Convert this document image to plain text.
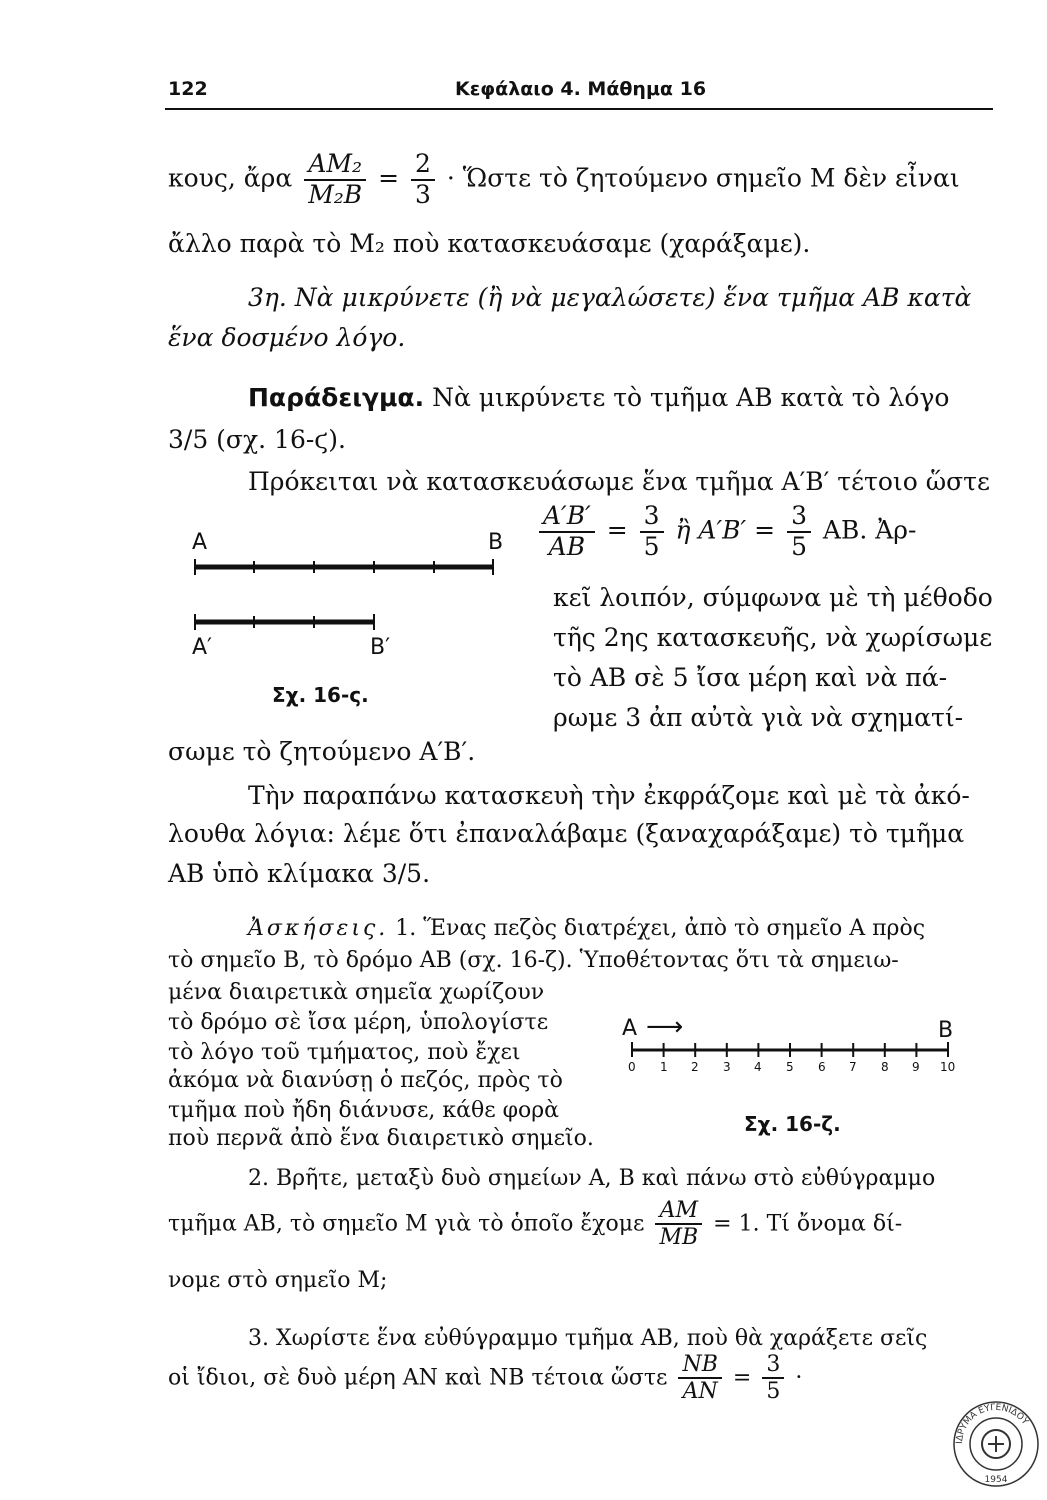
122	Κεφάλαιο 4. Μάθημα 16
κους, ἄρα $\frac{\text{AM₂}}{\text{M₂B}} = \frac{2}{3}$ · Ὥστε τὸ ζητούμενο σημεῖο M δὲν εἶναι
ἄλλο παρὰ τὸ M₂ ποὺ κατασκευάσαμε (χαράξαμε).
3η. Νὰ μικρύνετε (ἢ νὰ μεγαλώσετε) ἕνα τμῆμα AB κατὰ
ἕνα δοσμένο λόγο.
Παράδειγμα. Νὰ μικρύνετε τὸ τμῆμα AB κατὰ τὸ λόγο
3/5 (σχ. 16-ϛ).
Πρόκειται νὰ κατασκευάσωμε ἕνα τμῆμα A′B′ τέτοιο ὥστε
$\frac{A'B'}{AB} = \frac{3}{5}$ ἢ $A'B' = \frac{3}{5}$ AB. Ἀρ-
κεῖ λοιπόν, σύμφωνα μὲ τὴ μέθοδο
τῆς 2ης κατασκευῆς, νὰ χωρίσωμε
τὸ AB σὲ 5 ἴσα μέρη καὶ νὰ πά-
ρωμε 3 ἀπ αὐτὰ γιὰ νὰ σχηματί-
A	B
A′	B′
Σχ. 16-ς.
σωμε τὸ ζητούμενο A′B′.
Τὴν παραπάνω κατασκευὴ τὴν ἐκφράζομε καὶ μὲ τὰ ἀκό-
λουθα λόγια: λέμε ὅτι ἐπαναλάβαμε (ξαναχαράξαμε) τὸ τμῆμα
AB ὑπὸ κλίμακα 3/5.
Ἀσκήσεις. 1. Ἕνας πεζὸς διατρέχει, ἀπὸ τὸ σημεῖο A πρὸς
τὸ σημεῖο B, τὸ δρόμο AB (σχ. 16-ζ). Ὑποθέτοντας ὅτι τὰ σημειω-
μένα διαιρετικὰ σημεῖα χωρίζουν
τὸ δρόμο σὲ ἴσα μέρη, ὑπολογίστε
τὸ λόγο τοῦ τμήματος, ποὺ ἔχει
ἀκόμα νὰ διανύσῃ ὁ πεζός, πρὸς τὸ
τμῆμα ποὺ ἤδη διάνυσε, κάθε φορὰ
ποὺ περνᾶ ἀπὸ ἕνα διαιρετικὸ σημεῖο.
A ⟶	B
0 1 2 3 4 5 6 7 8 9 10
Σχ. 16-ζ.
2. Βρῆτε, μεταξὺ δυὸ σημείων A, B καὶ πάνω στὸ εὐθύγραμμο
τμῆμα AB, τὸ σημεῖο M γιὰ τὸ ὁποῖο ἔχομε $\frac{AM}{MB} = 1$. Τί ὄνομα δί-
νομε στὸ σημεῖο M;
3. Χωρίστε ἕνα εὐθύγραμμο τμῆμα AB, ποὺ θὰ χαράξετε σεῖς
οἱ ἴδιοι, σὲ δυὸ μέρη AN καὶ NB τέτοια ὥστε $\frac{NB}{AN} = \frac{3}{5}$ ·
ΙΔΡΥΜΑ ΕΥΓΕΝΙΔΟΥ
1954
